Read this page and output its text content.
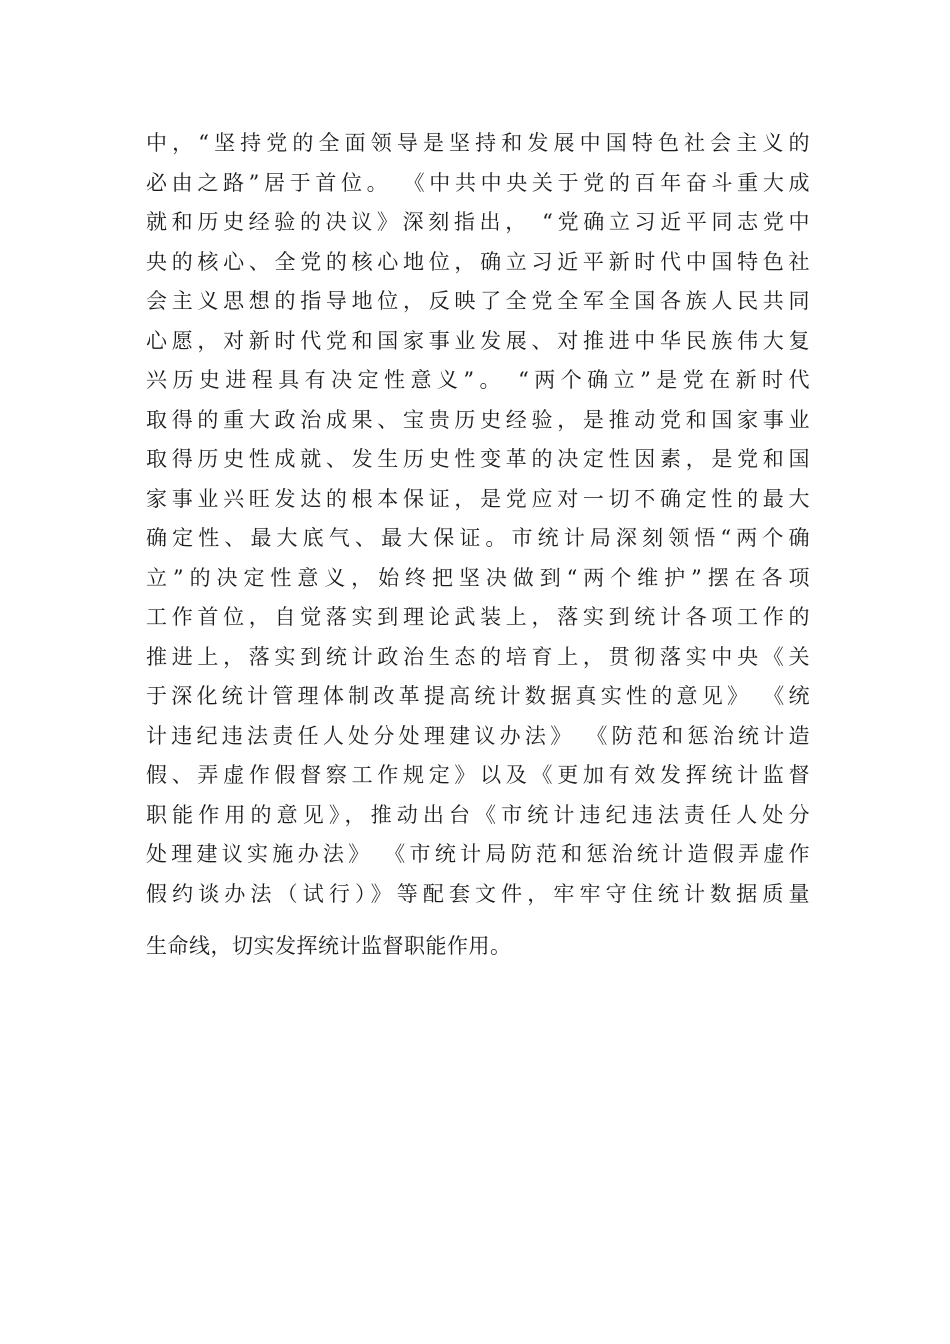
中，“坚持党的全面领导是坚持和发展中国特色社会主义的
必由之路”居于首位。 《中共中央关于党的百年奋斗重大成
就和历史经验的决议》深刻指出， “党确立习近平同志党中
央的核心、全党的核心地位，确立习近平新时代中国特色社
会主义思想的指导地位，反映了全党全军全国各族人民共同
心愿，对新时代党和国家事业发展、对推进中华民族伟大复
兴历史进程具有决定性意义”。 “两个确立”是党在新时代
取得的重大政治成果、宝贵历史经验，是推动党和国家事业
取得历史性成就、发生历史性变革的决定性因素，是党和国
家事业兴旺发达的根本保证，是党应对一切不确定性的最大
确定性、最大底气、最大保证。市统计局深刻领悟“两个确
立”的决定性意义，始终把坚决做到“两个维护”摆在各项
工作首位，自觉落实到理论武装上，落实到统计各项工作的
推进上，落实到统计政治生态的培育上，贯彻落实中央《关
于深化统计管理体制改革提高统计数据真实性的意见》 《统
计违纪违法责任人处分处理建议办法》 《防范和惩治统计造
假、弄虚作假督察工作规定》以及《更加有效发挥统计监督
职能作用的意见》，推动出台《市统计违纪违法责任人处分
处理建议实施办法》 《市统计局防范和惩治统计造假弄虚作
假约谈办法（试行）》等配套文件，牢牢守住统计数据质量
生命线，切实发挥统计监督职能作用。
